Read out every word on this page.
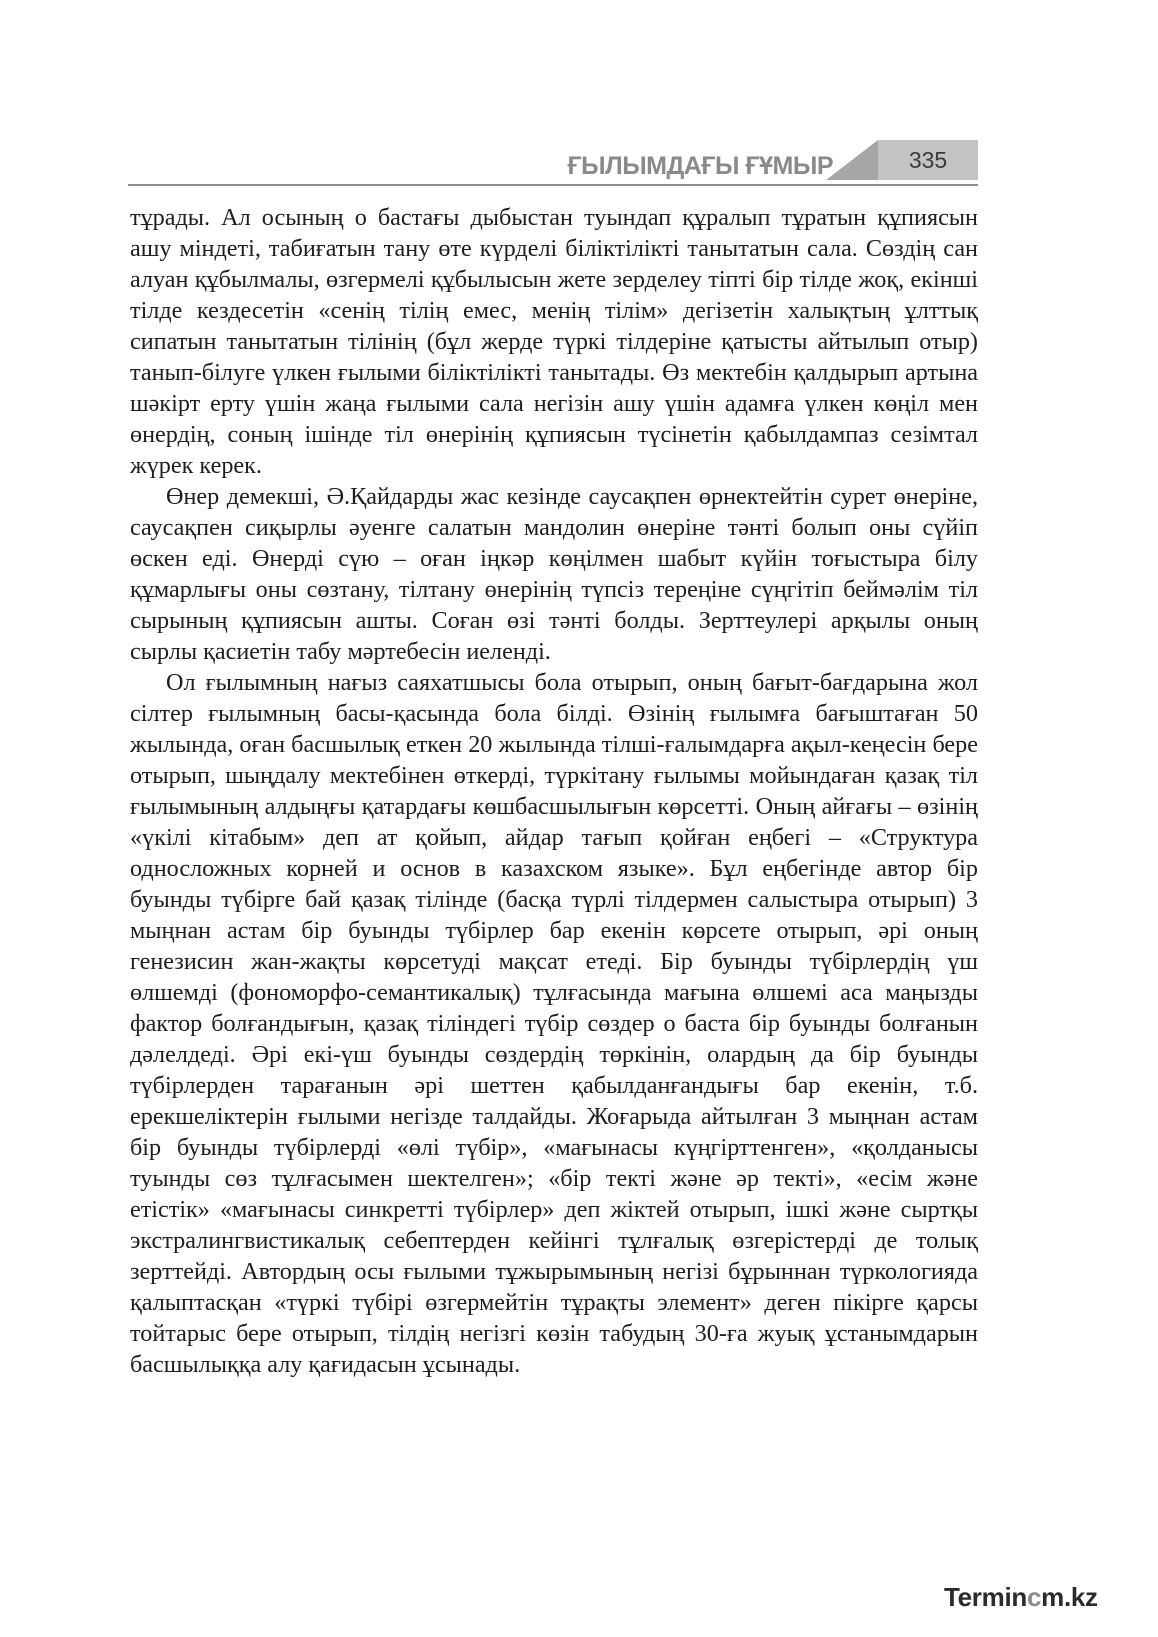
ҒЫЛЫМДАҒЫ ҒҰМЫР	335

тұрады. Ал осының о бастағы дыбыстан туындап құралып тұратын құпиясын ашу міндеті, табиғатын тану өте күрделі біліктілікті танытатын сала. Сөздің сан алуан құбылмалы, өзгермелі құбылысын жете зерделеу тіпті бір тілде жоқ, екінші тілде кездесетін «сенің тілің емес, менің тілім» дегізетін халықтың ұлттық сипатын танытатын тілінің (бұл жерде түркі тілдеріне қатысты айтылып отыр) танып-білуге үлкен ғылыми біліктілікті танытады. Өз мектебін қалдырып артына шәкірт ерту үшін жаңа ғылыми сала негізін ашу үшін адамға үлкен көңіл мен өнердің, соның ішінде тіл өнерінің құпиясын түсінетін қабылдампаз сезімтал жүрек керек.

Өнер демекші, Ә.Қайдарды жас кезінде саусақпен өрнектейтін сурет өнеріне, саусақпен сиқырлы әуенге салатын мандолин өнеріне тәнті болып оны сүйіп өскен еді. Өнерді сүю – оған іңкәр көңілмен шабыт күйін тоғыстыра білу құмарлығы оны сөзтану, тілтану өнерінің түпсіз тереңіне сүңгітіп беймәлім тіл сырының құпиясын ашты. Соған өзі тәнті болды. Зерттеулері арқылы оның сырлы қасиетін табу мәртебесін иеленді.

Ол ғылымның нағыз саяхатшысы бола отырып, оның бағыт-бағдарына жол сілтер ғылымның басы-қасында бола білді. Өзінің ғылымға бағыштаған 50 жылында, оған басшылық еткен 20 жылында тілші-ғалымдарға ақыл-кеңесін бере отырып, шыңдалу мектебінен өткерді, түркітану ғылымы мойындаған қазақ тіл ғылымының алдыңғы қатардағы көшбасшылығын көрсетті. Оның айғағы – өзінің «үкілі кітабым» деп ат қойып, айдар тағып қойған еңбегі – «Структура односложных корней и основ в казахском языке». Бұл еңбегінде автор бір буынды түбірге бай қазақ тілінде (басқа түрлі тілдермен салыстыра отырып) 3 мыңнан астам бір буынды түбірлер бар екенін көрсете отырып, әрі оның генезисин жан-жақты көрсетуді мақсат етеді. Бір буынды түбірлердің үш өлшемді (фономорфо-семантикалық) тұлғасында мағына өлшемі аса маңызды фактор болғандығын, қазақ тіліндегі түбір сөздер о баста бір буынды болғанын дәлелдеді. Әрі екі-үш буынды сөздердің төркінін, олардың да бір буынды түбірлерден тарағанын әрі шеттен қабылданғандығы бар екенін, т.б. ерекшеліктерін ғылыми негізде талдайды. Жоғарыда айтылған 3 мыңнан астам бір буынды түбірлерді «өлі түбір», «мағынасы күңгірттенген», «қолданысы туынды сөз тұлғасымен шектелген»; «бір текті және әр текті», «есім және етістік» «мағынасы синкретті түбірлер» деп жіктей отырып, ішкі және сыртқы экстралингвистикалық себептерден кейінгі тұлғалық өзгерістерді де толық зерттейді. Автордың осы ғылыми тұжырымының негізі бұрыннан түркологияда қалыптасқан «түркі түбірі өзгермейтін тұрақты элемент» деген пікірге қарсы тойтарыс бере отырып, тілдің негізгі көзін табудың 30-ға жуық ұстанымдарын басшылыққа алу қағидасын ұсынады.

Termincm.kz
